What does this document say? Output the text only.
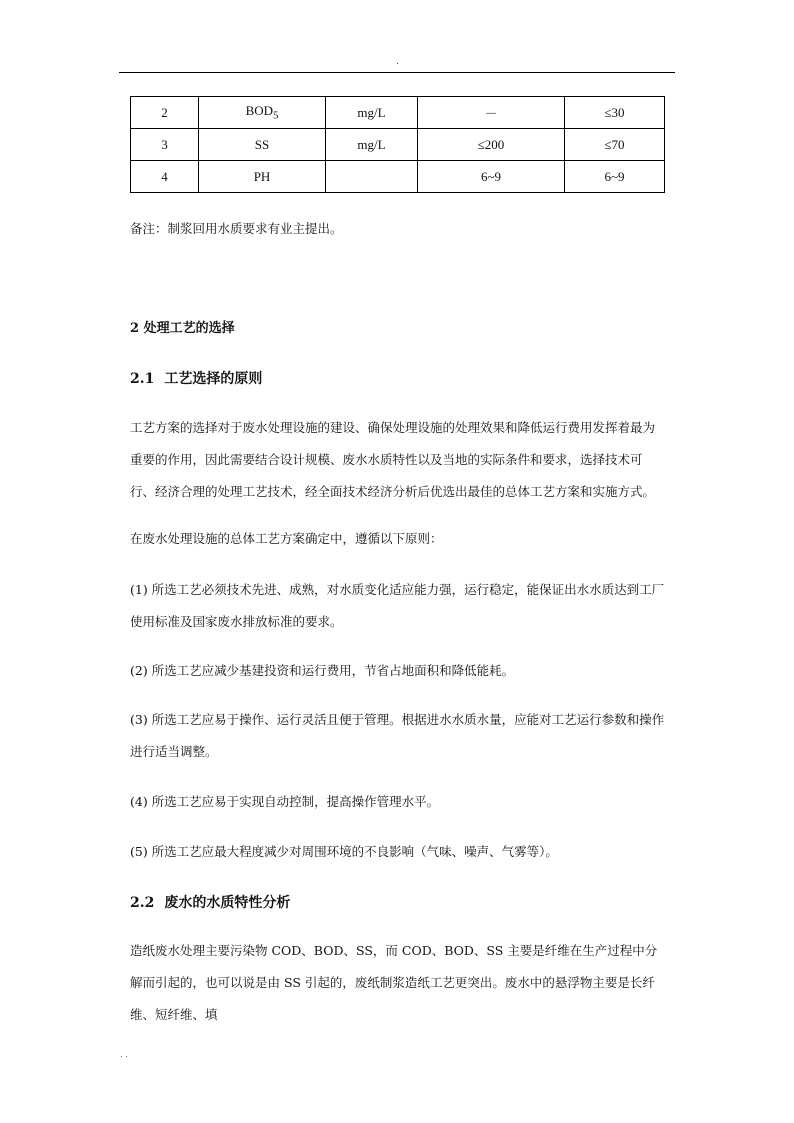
.
2	$BOD_5$	mg/L	－	≤30
3	SS	mg/L	≤200	≤70
4	PH		6~9	6~9

备注：制浆回用水质要求有业主提出。

2 处理工艺的选择
2.1 工艺选择的原则

工艺方案的选择对于废水处理设施的建设、确保处理设施的处理效果和降低运行费用发挥着最为重要的作用，因此需要结合设计规模、废水水质特性以及当地的实际条件和要求，选择技术可行、经济合理的处理工艺技术，经全面技术经济分析后优选出最佳的总体工艺方案和实施方式。

在废水处理设施的总体工艺方案确定中，遵循以下原则：

(1) 所选工艺必须技术先进、成熟，对水质变化适应能力强，运行稳定，能保证出水水质达到工厂使用标准及国家废水排放标准的要求。

(2) 所选工艺应减少基建投资和运行费用，节省占地面积和降低能耗。

(3) 所选工艺应易于操作、运行灵活且便于管理。根据进水水质水量，应能对工艺运行参数和操作进行适当调整。

(4) 所选工艺应易于实现自动控制，提高操作管理水平。

(5) 所选工艺应最大程度减少对周围环境的不良影响（气味、噪声、气雾等）。

2.2 废水的水质特性分析

造纸废水处理主要污染物 COD、BOD、SS，而 COD、BOD、SS 主要是纤维在生产过程中分解而引起的，也可以说是由 SS 引起的，废纸制浆造纸工艺更突出。废水中的悬浮物主要是长纤维、短纤维、填

. .
